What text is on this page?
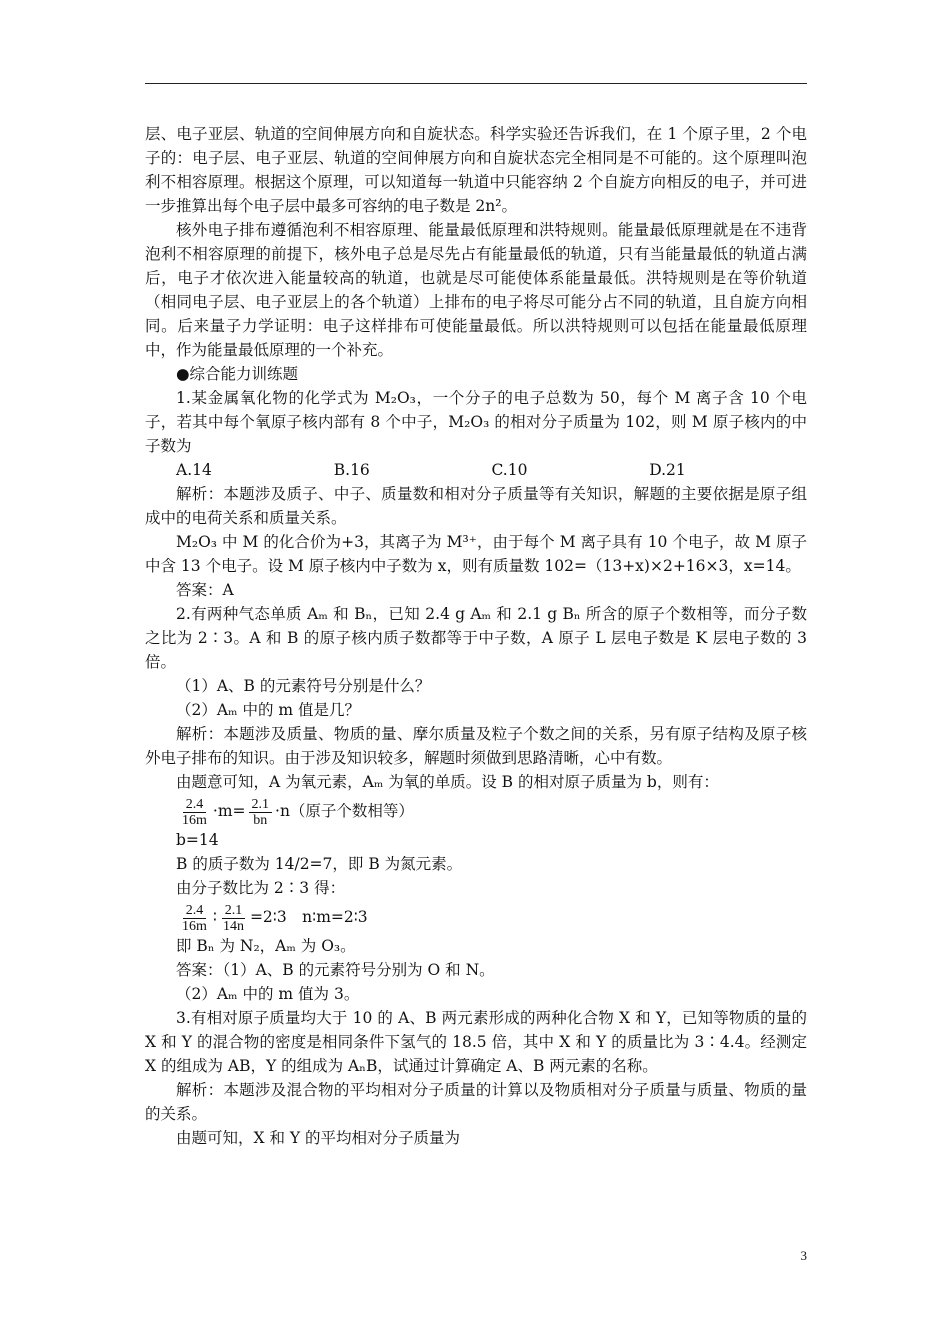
层、电子亚层、轨道的空间伸展方向和自旋状态。科学实验还告诉我们，在 1 个原子里，2 个电子的：电子层、电子亚层、轨道的空间伸展方向和自旋状态完全相同是不可能的。这个原理叫泡利不相容原理。根据这个原理，可以知道每一轨道中只能容纳 2 个自旋方向相反的电子，并可进一步推算出每个电子层中最多可容纳的电子数是 2n²。

核外电子排布遵循泡利不相容原理、能量最低原理和洪特规则。能量最低原理就是在不违背泡利不相容原理的前提下，核外电子总是尽先占有能量最低的轨道，只有当能量最低的轨道占满后，电子才依次进入能量较高的轨道，也就是尽可能使体系能量最低。洪特规则是在等价轨道（相同电子层、电子亚层上的各个轨道）上排布的电子将尽可能分占不同的轨道，且自旋方向相同。后来量子力学证明：电子这样排布可使能量最低。所以洪特规则可以包括在能量最低原理中，作为能量最低原理的一个补充。

●综合能力训练题

1.某金属氧化物的化学式为 M₂O₃，一个分子的电子总数为 50，每个 M 离子含 10 个电子，若其中每个氧原子核内部有 8 个中子，M₂O₃ 的相对分子质量为 102，则 M 原子核内的中子数为

A.14	B.16	C.10	D.21

解析：本题涉及质子、中子、质量数和相对分子质量等有关知识，解题的主要依据是原子组成中的电荷关系和质量关系。

M₂O₃ 中 M 的化合价为+3，其离子为 M³⁺，由于每个 M 离子具有 10 个电子，故 M 原子中含 13 个电子。设 M 原子核内中子数为 x，则有质量数 102=（13+x)×2+16×3，x=14。

答案：A

2.有两种气态单质 Aₘ 和 Bₙ，已知 2.4 g Aₘ 和 2.1 g Bₙ 所含的原子个数相等，而分子数之比为 2∶3。A 和 B 的原子核内质子数都等于中子数，A 原子 L 层电子数是 K 层电子数的 3 倍。

（1）A、B 的元素符号分别是什么？

（2）Aₘ 中的 m 值是几？

解析：本题涉及质量、物质的量、摩尔质量及粒子个数之间的关系，另有原子结构及原子核外电子排布的知识。由于涉及知识较多，解题时须做到思路清晰，心中有数。

由题意可知，A 为氧元素，Aₘ 为氧的单质。设 B 的相对原子质量为 b，则有：

$\frac{2.4}{16m} \cdot m= \frac{2.1}{bn} \cdot n$（原子个数相等）

b=14

B 的质子数为 14/2=7，即 B 为氮元素。

由分子数比为 2∶3 得：

$\frac{2.4}{16m}$ ∶ $\frac{2.1}{14n}$ =2∶3　n∶m=2∶3

即 Bₙ 为 N₂，Aₘ 为 O₃。

答案：（1）A、B 的元素符号分别为 O 和 N。

（2）Aₘ 中的 m 值为 3。

3.有相对原子质量均大于 10 的 A、B 两元素形成的两种化合物 X 和 Y，已知等物质的量的 X 和 Y 的混合物的密度是相同条件下氢气的 18.5 倍，其中 X 和 Y 的质量比为 3∶4.4。经测定 X 的组成为 AB，Y 的组成为 AₙB，试通过计算确定 A、B 两元素的名称。

解析：本题涉及混合物的平均相对分子质量的计算以及物质相对分子质量与质量、物质的量的关系。

由题可知，X 和 Y 的平均相对分子质量为

3
